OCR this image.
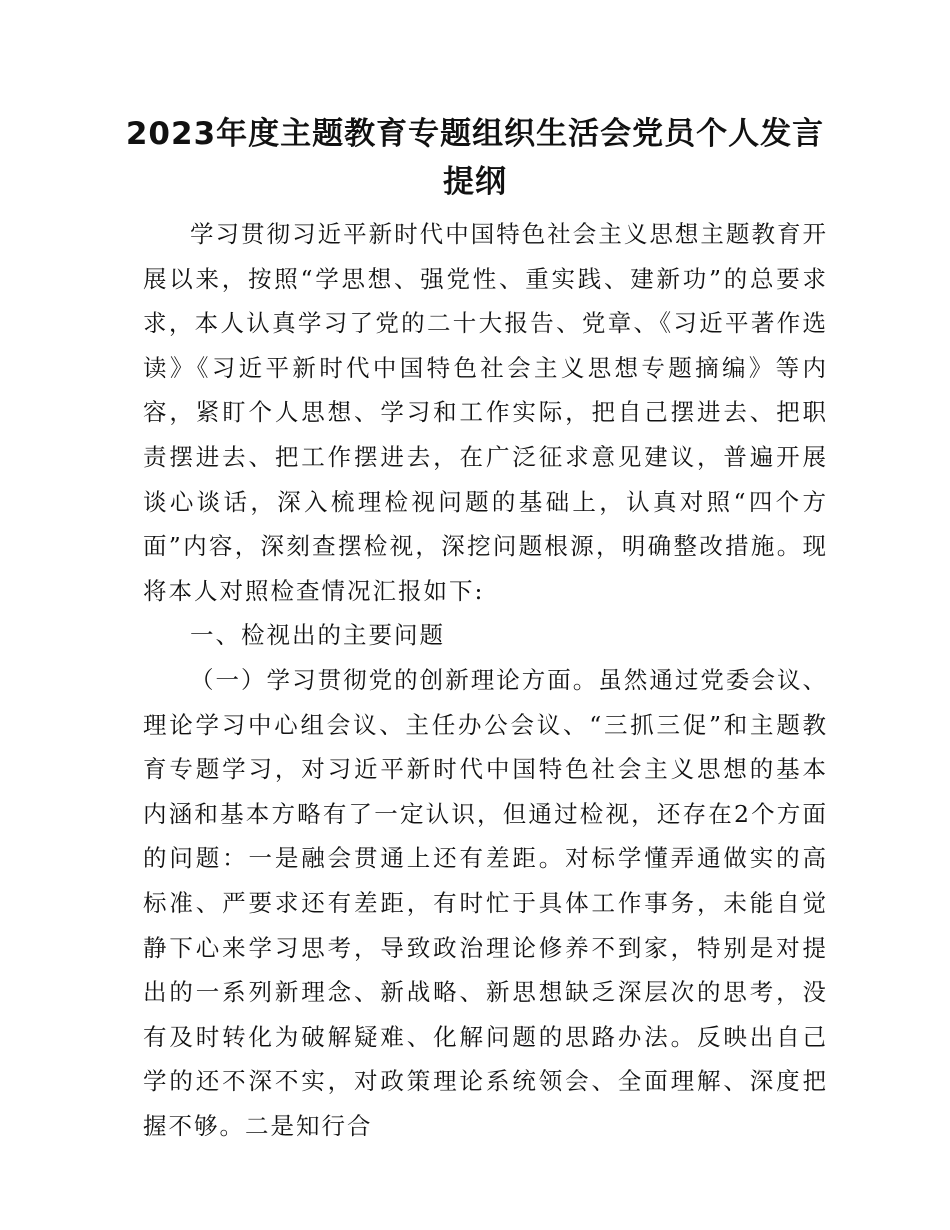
2023年度主题教育专题组织生活会党员个人发言提纲

学习贯彻习近平新时代中国特色社会主义思想主题教育开展以来，按照“学思想、强党性、重实践、建新功”的总要求求，本人认真学习了党的二十大报告、党章、《习近平著作选读》《习近平新时代中国特色社会主义思想专题摘编》等内容，紧盯个人思想、学习和工作实际，把自己摆进去、把职责摆进去、把工作摆进去，在广泛征求意见建议，普遍开展谈心谈话，深入梳理检视问题的基础上，认真对照“四个方面”内容，深刻查摆检视，深挖问题根源，明确整改措施。现将本人对照检查情况汇报如下:

一、检视出的主要问题

（一）学习贯彻党的创新理论方面。虽然通过党委会议、理论学习中心组会议、主任办公会议、“三抓三促”和主题教育专题学习，对习近平新时代中国特色社会主义思想的基本内涵和基本方略有了一定认识，但通过检视，还存在2个方面的问题：一是融会贯通上还有差距。对标学懂弄通做实的高标准、严要求还有差距，有时忙于具体工作事务，未能自觉静下心来学习思考，导致政治理论修养不到家，特别是对提出的一系列新理念、新战略、新思想缺乏深层次的思考，没有及时转化为破解疑难、化解问题的思路办法。反映出自己学的还不深不实，对政策理论系统领会、全面理解、深度把握不够。二是知行合
